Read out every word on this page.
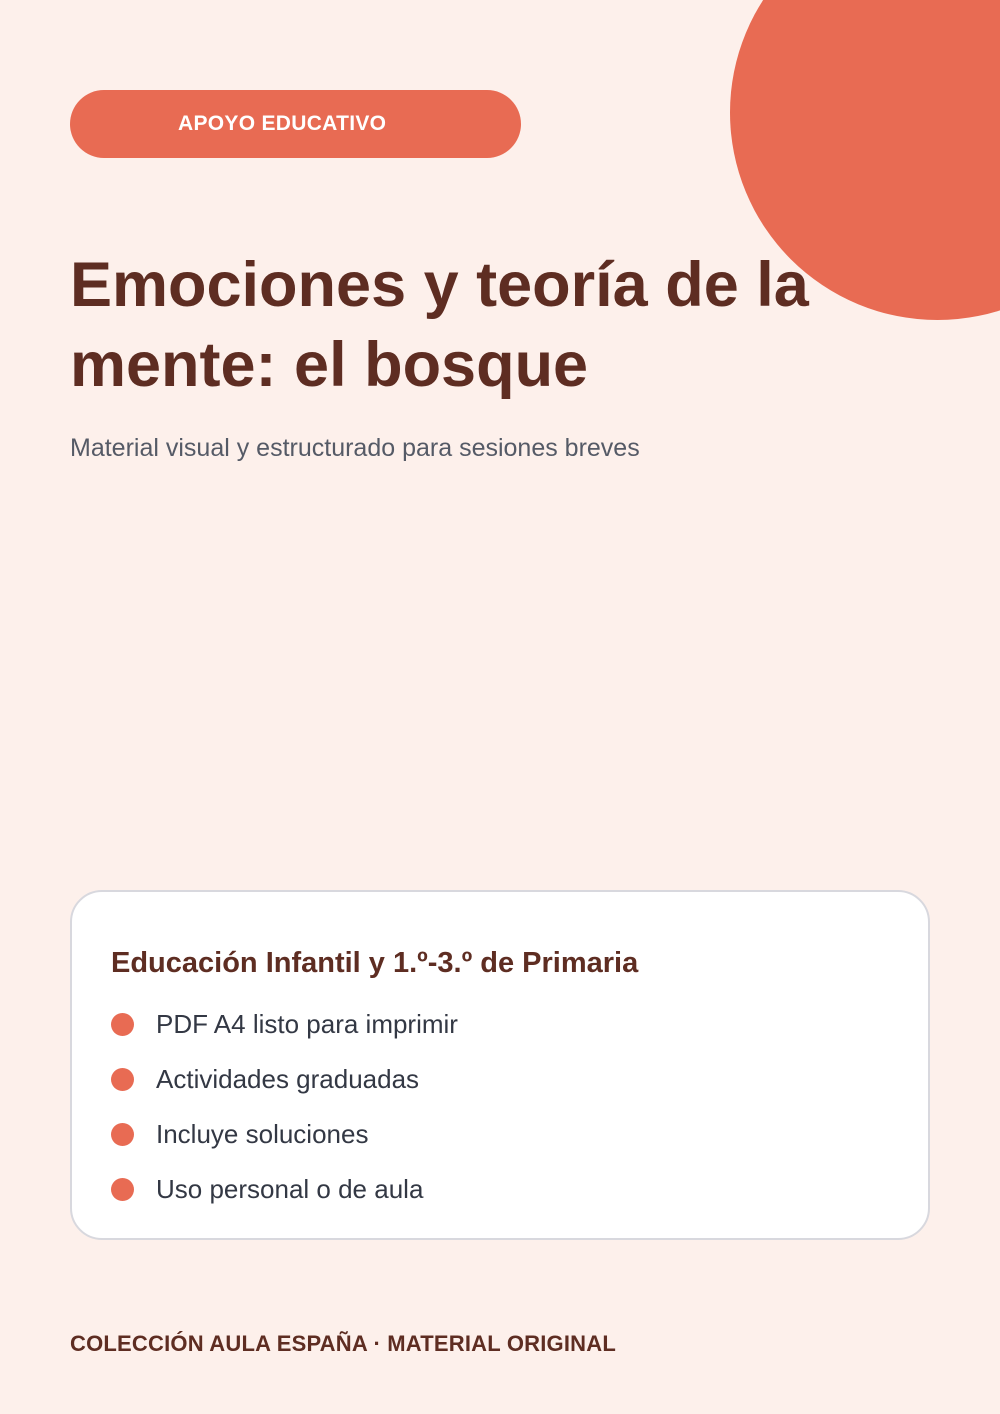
APOYO EDUCATIVO
Emociones y teoría de la mente: el bosque

Material visual y estructurado para sesiones breves

Educación Infantil y 1.º-3.º de Primaria
PDF A4 listo para imprimir
Actividades graduadas
Incluye soluciones
Uso personal o de aula

COLECCIÓN AULA ESPAÑA · MATERIAL ORIGINAL
